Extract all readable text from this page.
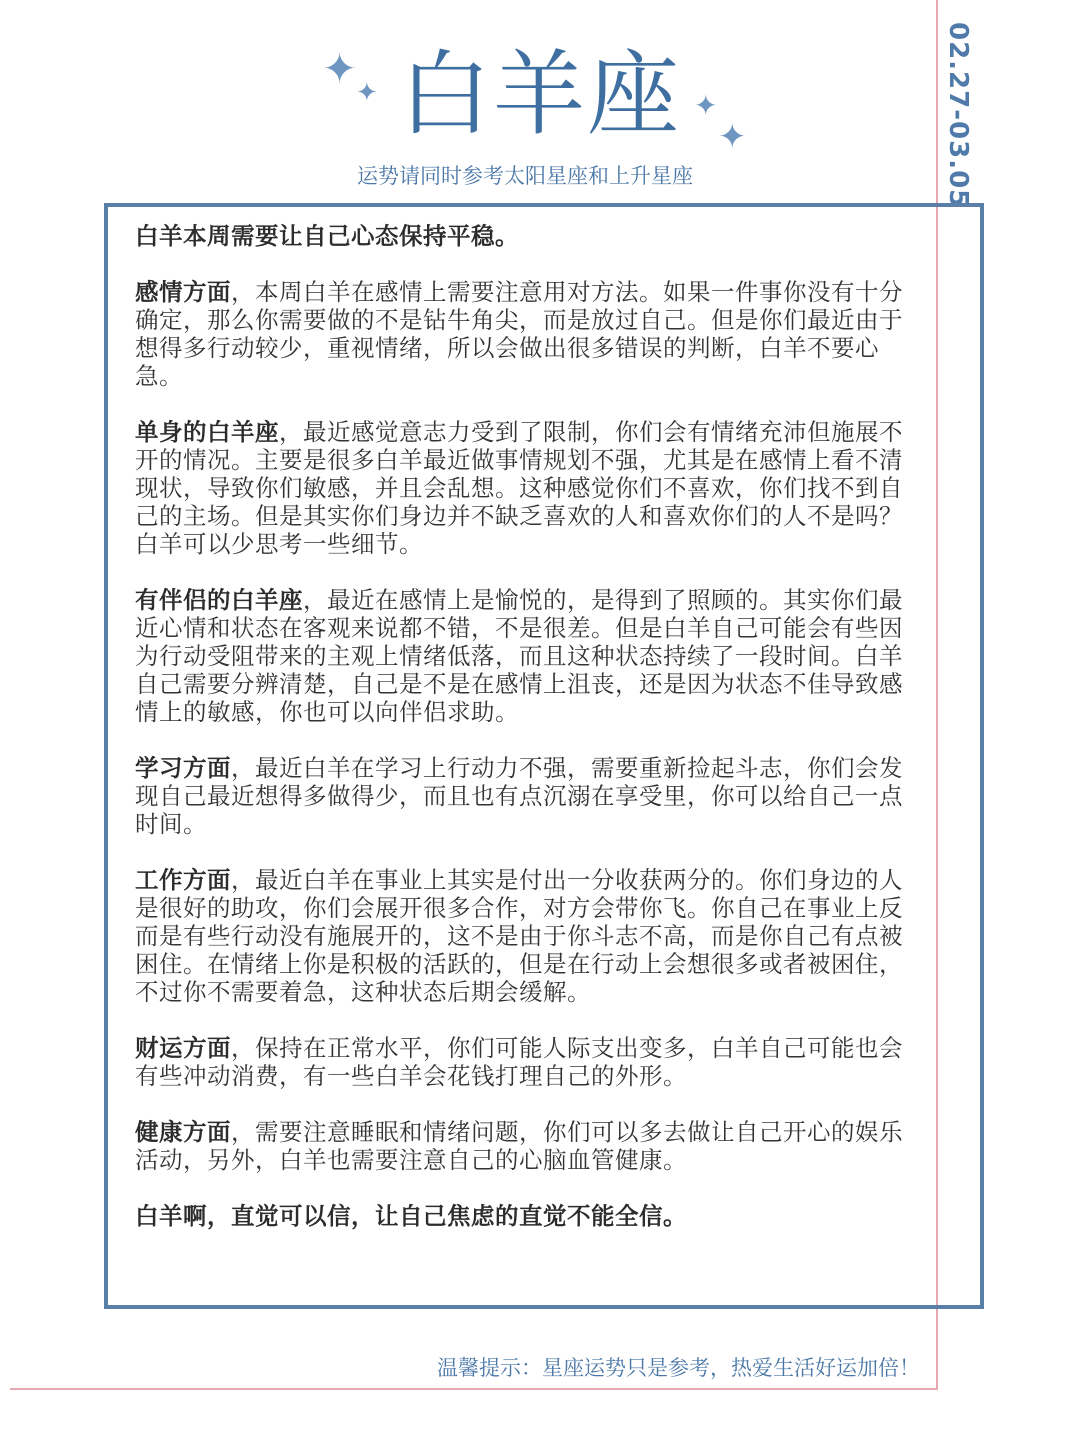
02.27-03.05
✦
✦	✦
✦
白羊座
运势请同时参考太阳星座和上升星座

白羊本周需要让自己心态保持平稳。

感情方面，本周白羊在感情上需要注意用对方法。如果一件事你没有十分确定，那么你需要做的不是钻牛角尖，而是放过自己。但是你们最近由于想得多行动较少，重视情绪，所以会做出很多错误的判断，白羊不要心急。

单身的白羊座，最近感觉意志力受到了限制，你们会有情绪充沛但施展不开的情况。主要是很多白羊最近做事情规划不强，尤其是在感情上看不清现状，导致你们敏感，并且会乱想。这种感觉你们不喜欢，你们找不到自己的主场。但是其实你们身边并不缺乏喜欢的人和喜欢你们的人不是吗？白羊可以少思考一些细节。

有伴侣的白羊座，最近在感情上是愉悦的，是得到了照顾的。其实你们最近心情和状态在客观来说都不错，不是很差。但是白羊自己可能会有些因为行动受阻带来的主观上情绪低落，而且这种状态持续了一段时间。白羊自己需要分辨清楚，自己是不是在感情上沮丧，还是因为状态不佳导致感情上的敏感，你也可以向伴侣求助。

学习方面，最近白羊在学习上行动力不强，需要重新捡起斗志，你们会发现自己最近想得多做得少，而且也有点沉溺在享受里，你可以给自己一点时间。

工作方面，最近白羊在事业上其实是付出一分收获两分的。你们身边的人是很好的助攻，你们会展开很多合作，对方会带你飞。你自己在事业上反而是有些行动没有施展开的，这不是由于你斗志不高，而是你自己有点被困住。在情绪上你是积极的活跃的，但是在行动上会想很多或者被困住，不过你不需要着急，这种状态后期会缓解。

财运方面，保持在正常水平，你们可能人际支出变多，白羊自己可能也会有些冲动消费，有一些白羊会花钱打理自己的外形。

健康方面，需要注意睡眠和情绪问题，你们可以多去做让自己开心的娱乐活动，另外，白羊也需要注意自己的心脑血管健康。

白羊啊，直觉可以信，让自己焦虑的直觉不能全信。

温馨提示：星座运势只是参考，热爱生活好运加倍！
